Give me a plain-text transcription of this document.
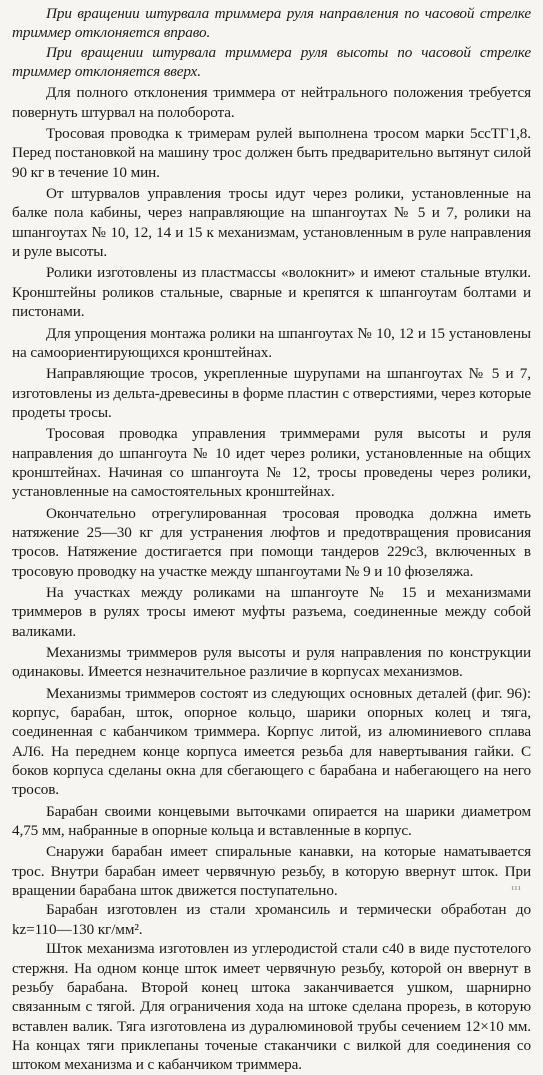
При вращении штурвала триммера руля направления по часовой стрелке триммер отклоняется вправо.

При вращении штурвала триммера руля высоты по часовой стрелке триммер отклоняется вверх.

Для полного отклонения триммера от нейтрального положения требуется повернуть штурвал на полоборота.

Тросовая проводка к тримерам рулей выполнена тросом марки 5ссТГ1,8. Перед постановкой на машину трос должен быть предварительно вытянут силой 90 кг в течение 10 мин.

От штурвалов управления тросы идут через ролики, установленные на балке пола кабины, через направляющие на шпангоутах № 5 и 7, ролики на шпангоутах № 10, 12, 14 и 15 к механизмам, установленным в руле направления и руле высоты.

Ролики изготовлены из пластмассы «волокнит» и имеют стальные втулки. Кронштейны роликов стальные, сварные и крепятся к шпангоутам болтами и пистонами.

Для упрощения монтажа ролики на шпангоутах № 10, 12 и 15 установлены на самоориентирующихся кронштейнах.

Направляющие тросов, укрепленные шурупами на шпангоутах № 5 и 7, изготовлены из дельта-древесины в форме пластин с отверстиями, через которые продеты тросы.

Тросовая проводка управления триммерами руля высоты и руля направления до шпангоута № 10 идет через ролики, установленные на общих кронштейнах. Начиная со шпангоута № 12, тросы проведены через ролики, установленные на самостоятельных кронштейнах.

Окончательно отрегулированная тросовая проводка должна иметь натяжение 25—30 кг для устранения люфтов и предотвращения провисания тросов. Натяжение достигается при помощи тандеров 229с3, включенных в тросовую проводку на участке между шпангоутами № 9 и 10 фюзеляжа.

На участках между роликами на шпангоуте № 15 и механизмами триммеров в рулях тросы имеют муфты разъема, соединенные между собой валиками.

Механизмы триммеров руля высоты и руля направления по конструкции одинаковы. Имеется незначительное различие в корпусах механизмов.

Механизмы триммеров состоят из следующих основных деталей (фиг. 96): корпус, барабан, шток, опорное кольцо, шарики опорных колец и тяга, соединенная с кабанчиком триммера. Корпус литой, из алюминиевого сплава АЛ6. На переднем конце корпуса имеется резьба для навертывания гайки. С боков корпуса сделаны окна для сбегающего с барабана и набегающего на него тросов.

Барабан своими концевыми выточками опирается на шарики диаметром 4,75 мм, набранные в опорные кольца и вставленные в корпус.

Снаружи барабан имеет спиральные канавки, на которые наматывается трос. Внутри барабан имеет червячную резьбу, в которую ввернут шток. При вращении барабана шток движется поступательно.

Барабан изготовлен из стали хромансиль и термически обработан до kz=110—130 кг/мм².

Шток механизма изготовлен из углеродистой стали с40 в виде пустотелого стержня. На одном конце шток имеет червячную резьбу, которой он ввернут в резьбу барабана. Второй конец штока заканчивается ушком, шарнирно связанным с тягой. Для ограничения хода на штоке сделана прорезь, в которую вставлен валик. Тяга изготовлена из дуралюминовой трубы сечением 12×10 мм. На концах тяги приклепаны точеные стаканчики с вилкой для соединения со штоком механизма и с кабанчиком триммера.

¹¹¹
